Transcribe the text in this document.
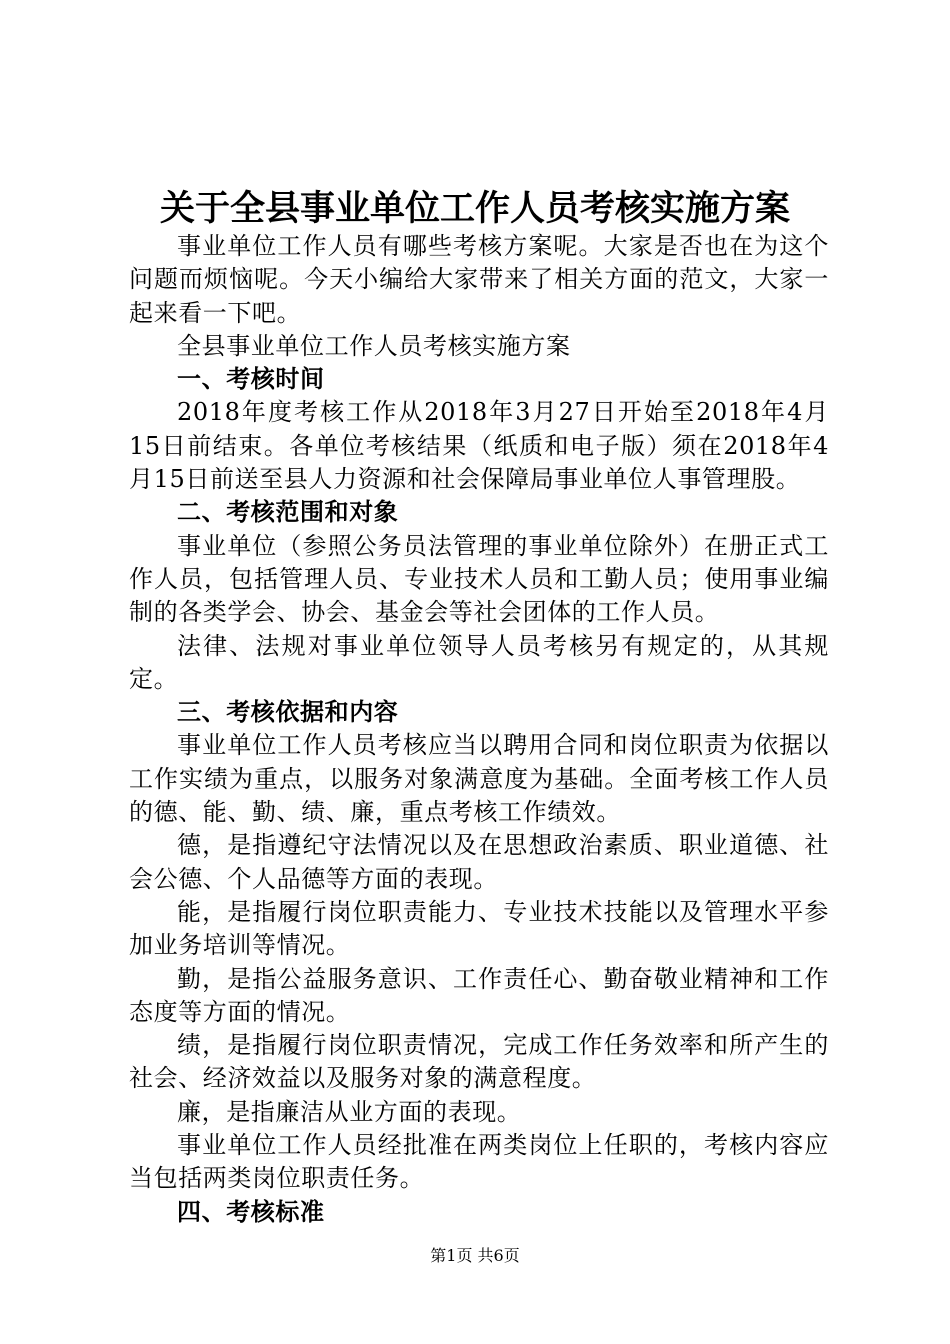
关于全县事业单位工作人员考核实施方案

事业单位工作人员有哪些考核方案呢。大家是否也在为这个问题而烦恼呢。今天小编给大家带来了相关方面的范文，大家一起来看一下吧。

全县事业单位工作人员考核实施方案

一、考核时间

2018年度考核工作从2018年3月27日开始至2018年4月15日前结束。各单位考核结果（纸质和电子版）须在2018年4月15日前送至县人力资源和社会保障局事业单位人事管理股。

二、考核范围和对象

事业单位（参照公务员法管理的事业单位除外）在册正式工作人员，包括管理人员、专业技术人员和工勤人员；使用事业编制的各类学会、协会、基金会等社会团体的工作人员。

法律、法规对事业单位领导人员考核另有规定的，从其规定。

三、考核依据和内容

事业单位工作人员考核应当以聘用合同和岗位职责为依据以工作实绩为重点，以服务对象满意度为基础。全面考核工作人员的德、能、勤、绩、廉，重点考核工作绩效。

德，是指遵纪守法情况以及在思想政治素质、职业道德、社会公德、个人品德等方面的表现。

能，是指履行岗位职责能力、专业技术技能以及管理水平参加业务培训等情况。

勤，是指公益服务意识、工作责任心、勤奋敬业精神和工作态度等方面的情况。

绩，是指履行岗位职责情况，完成工作任务效率和所产生的社会、经济效益以及服务对象的满意程度。

廉，是指廉洁从业方面的表现。

事业单位工作人员经批准在两类岗位上任职的，考核内容应当包括两类岗位职责任务。

四、考核标准

第1页 共6页
